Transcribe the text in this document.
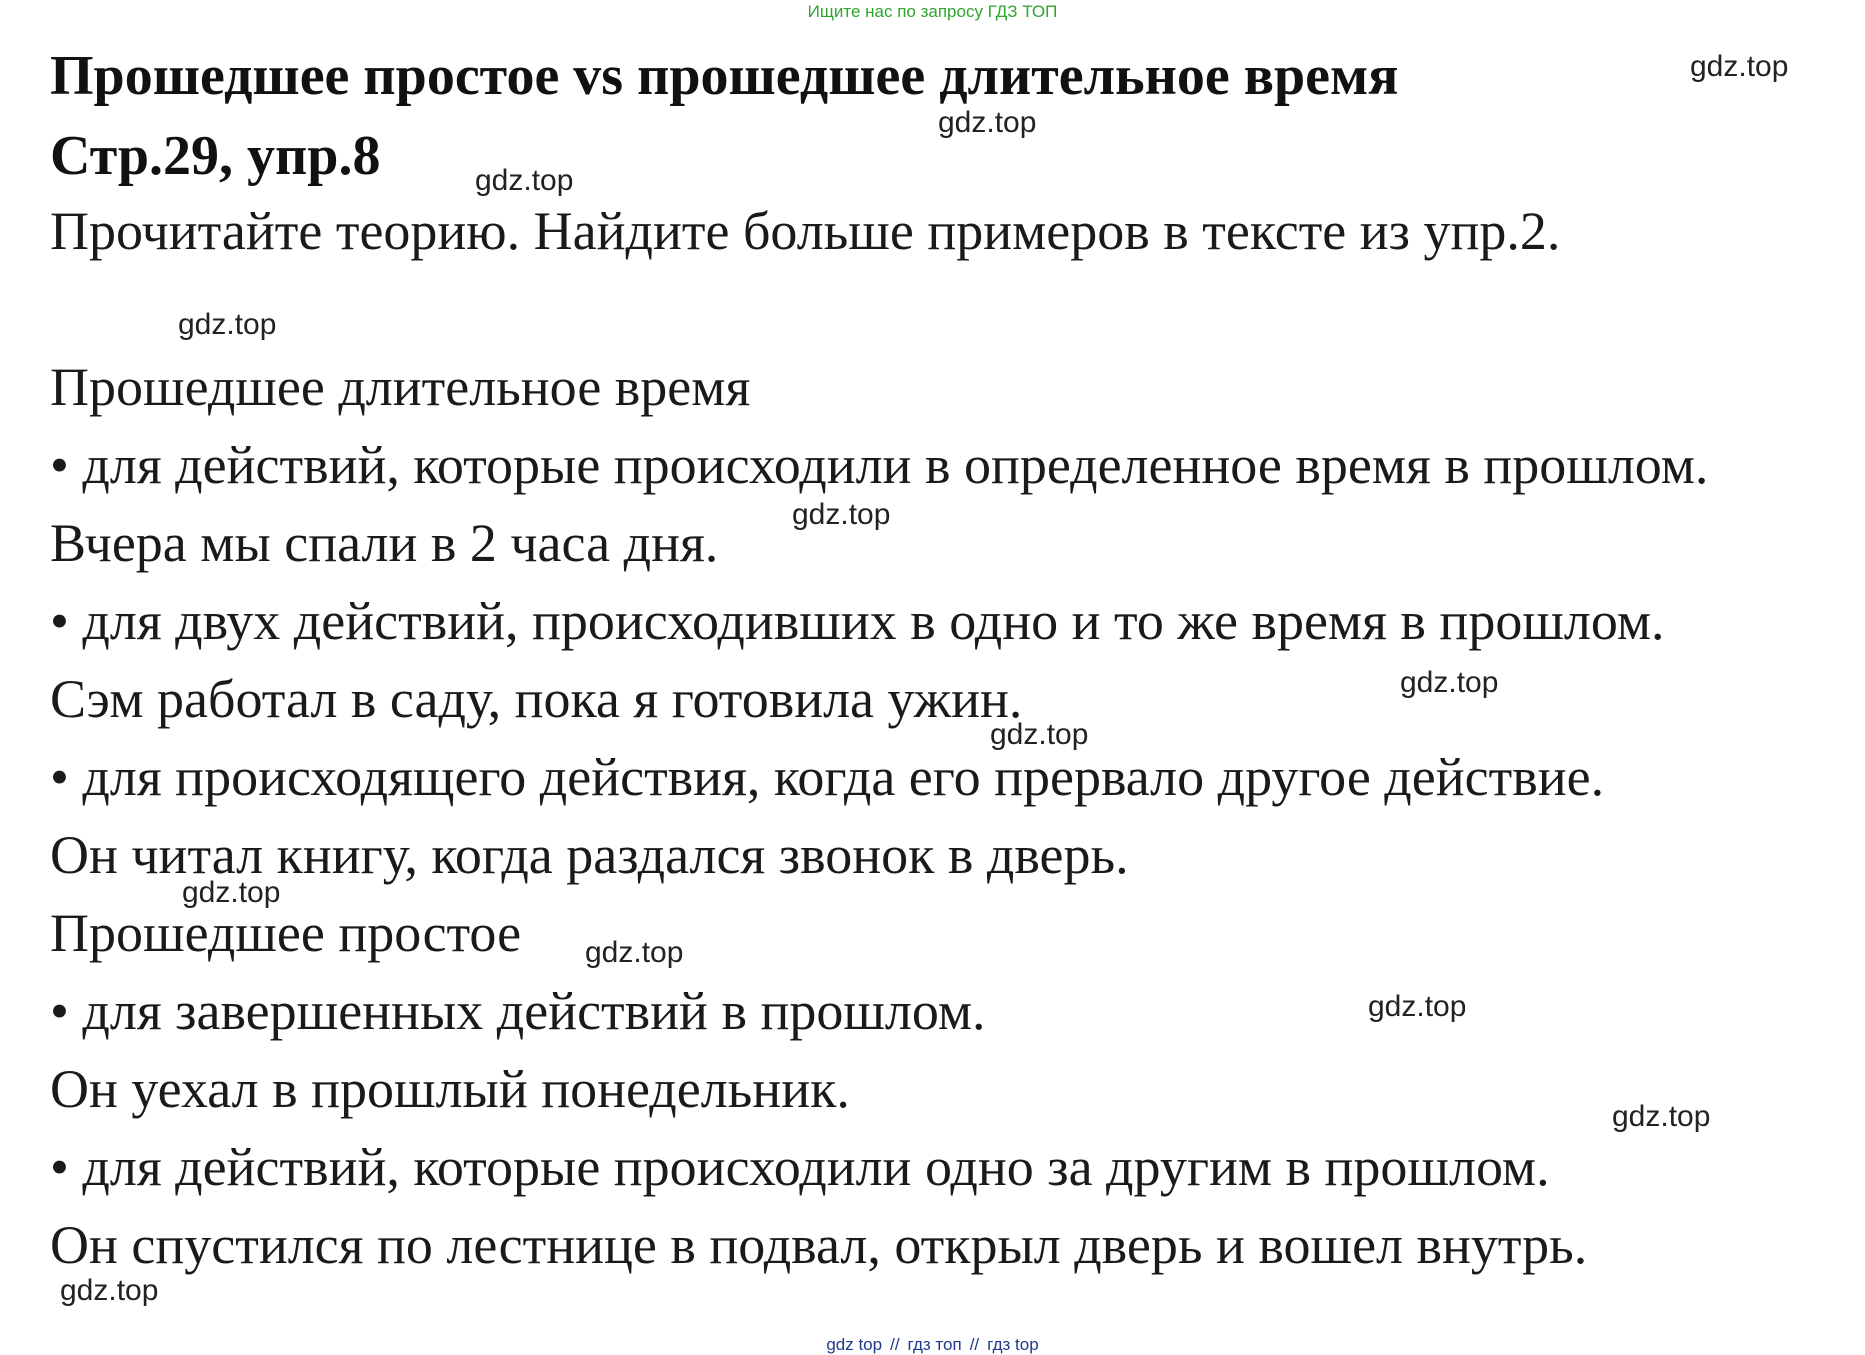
Ищите нас по запросу ГДЗ ТОП
Прошедшее простое vs прошедшее длительное время
Стр.29, упр.8
Прочитайте теорию. Найдите больше примеров в тексте из упр.2.
Прошедшее длительное время
• для действий, которые происходили в определенное время в прошлом.
Вчера мы спали в 2 часа дня.
• для двух действий, происходивших в одно и то же время в прошлом.
Сэм работал в саду, пока я готовила ужин.
• для происходящего действия, когда его прервало другое действие.
Он читал книгу, когда раздался звонок в дверь.
Прошедшее простое
• для завершенных действий в прошлом.
Он уехал в прошлый понедельник.
• для действий, которые происходили одно за другим в прошлом.
Он спустился по лестнице в подвал, открыл дверь и вошел внутрь.
gdz.top
gdz.top
gdz.top
gdz.top
gdz.top
gdz.top
gdz.top
gdz.top
gdz.top
gdz.top
gdz.top
gdz.top
gdz top // гдз топ // гдз top
